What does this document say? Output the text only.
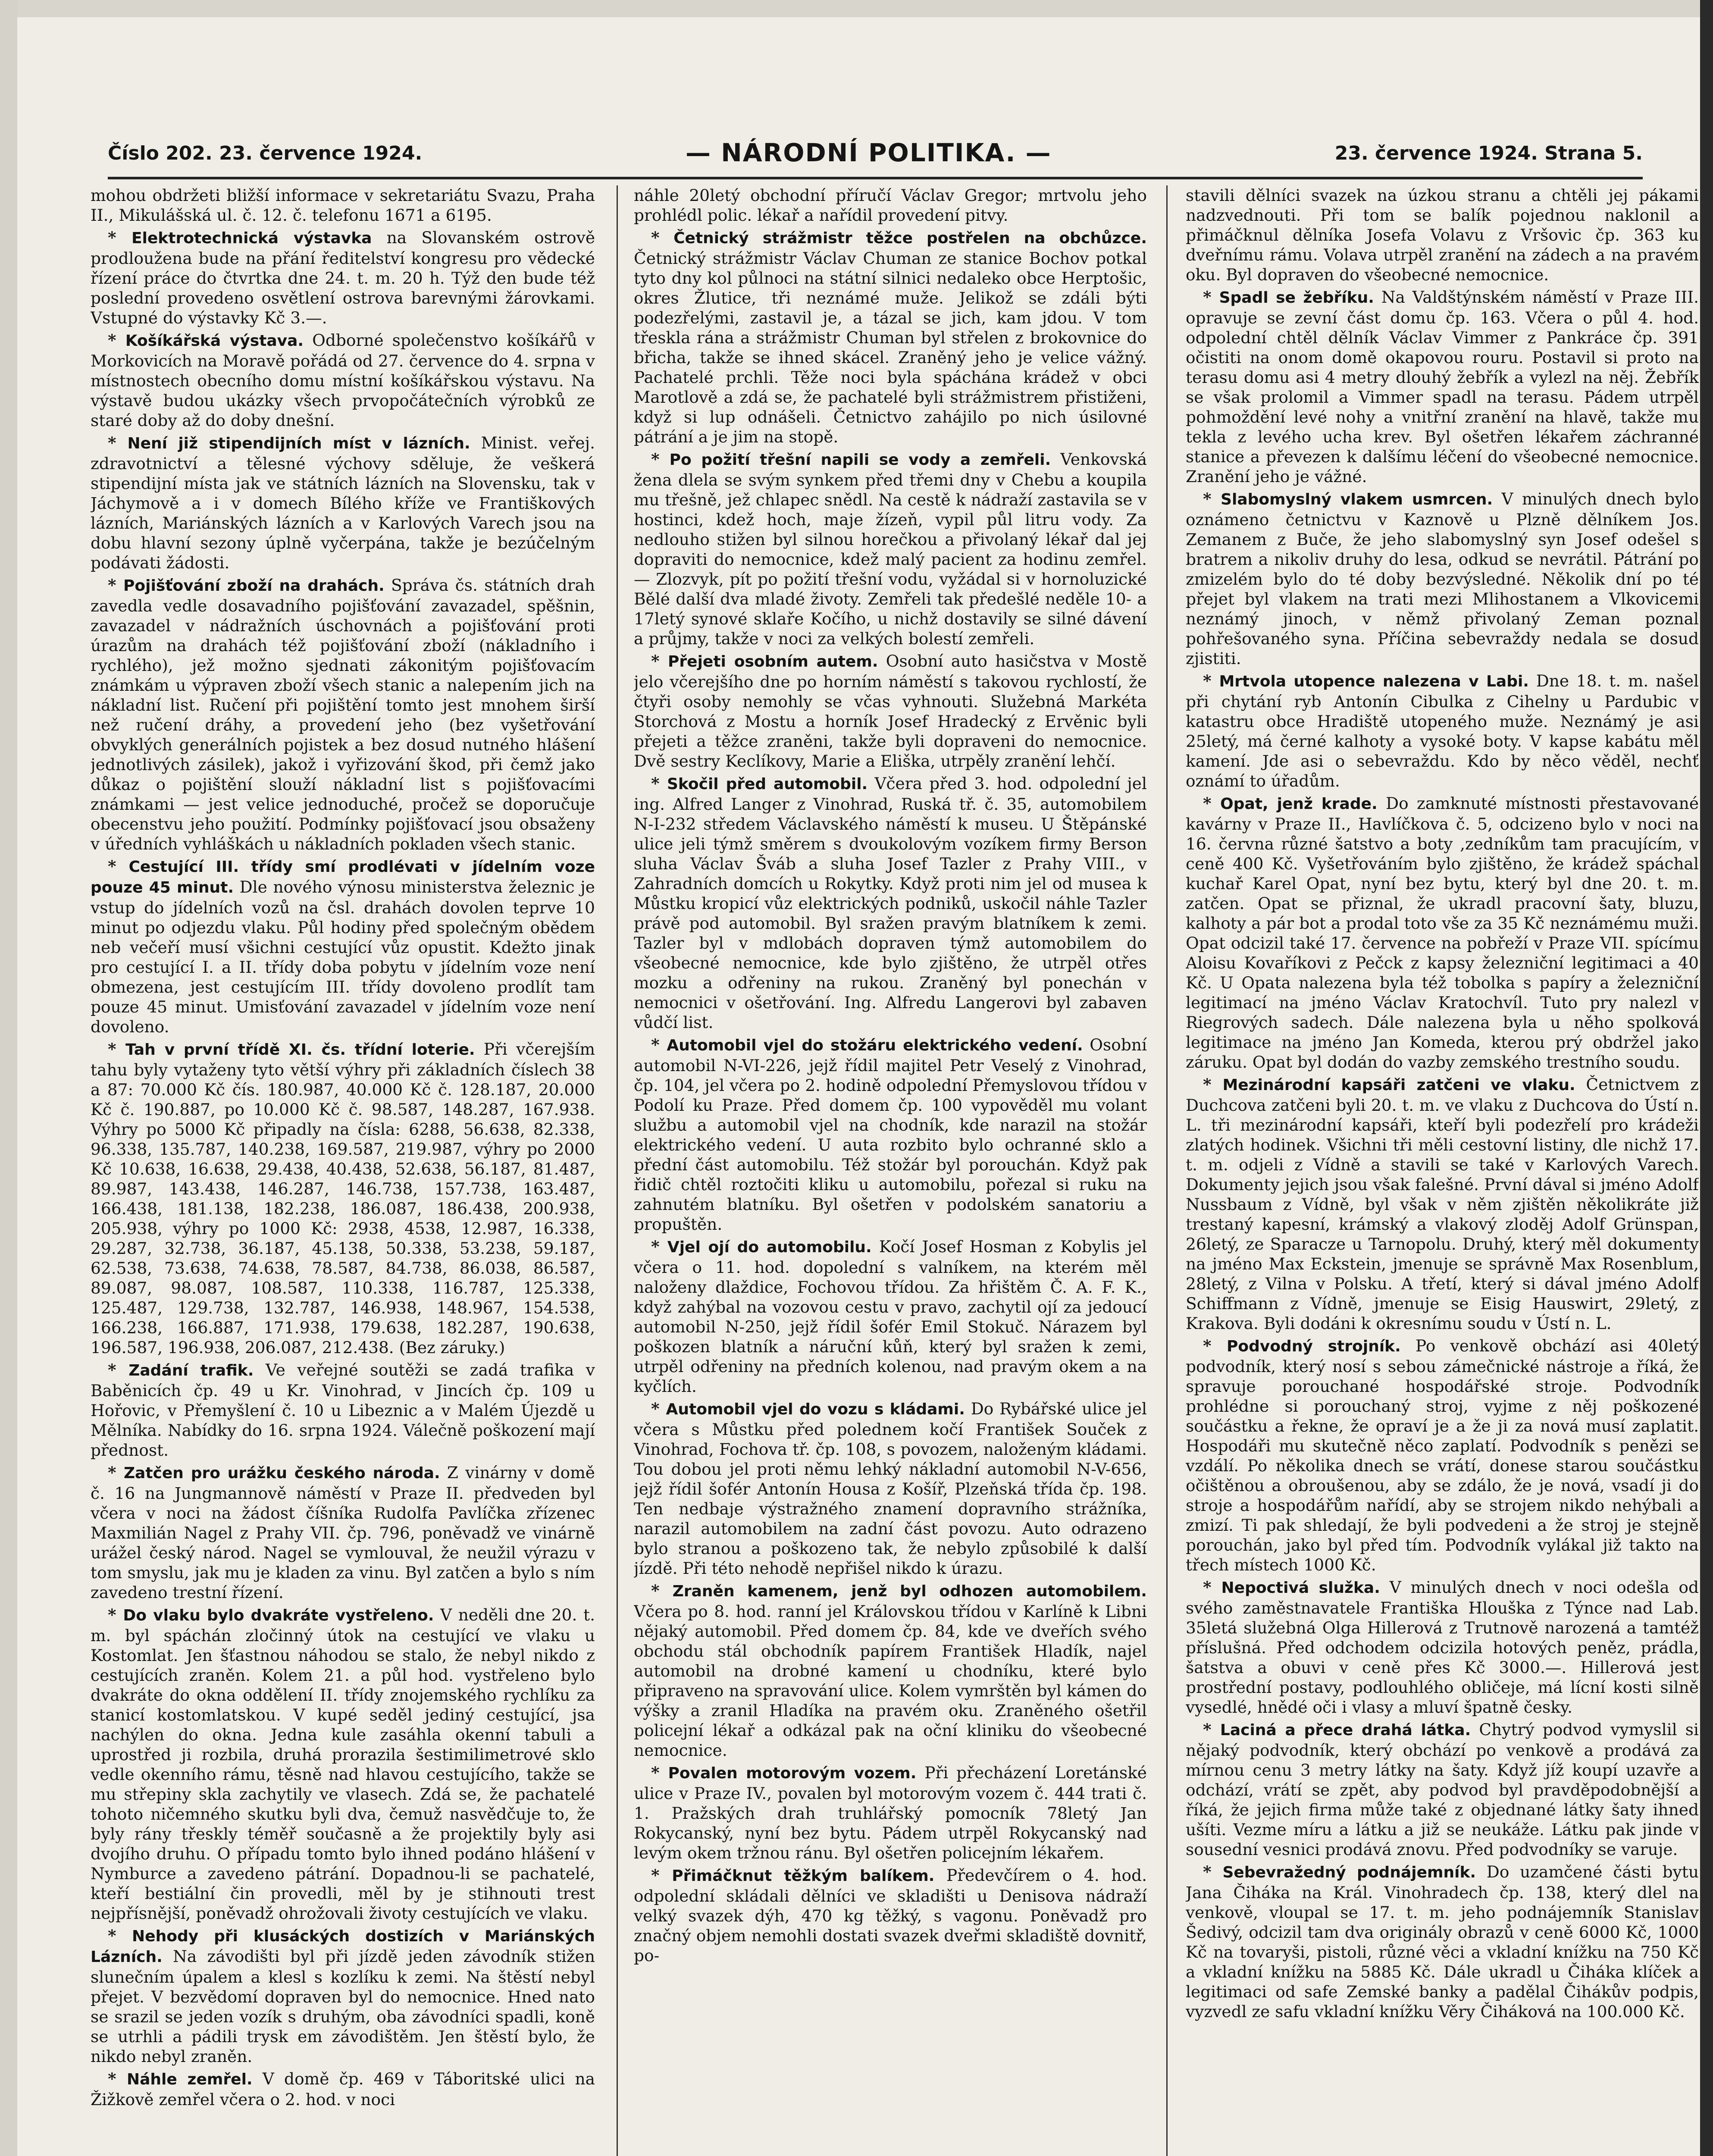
Číslo 202. 23. července 1924.	— NÁRODNÍ POLITIKA. —	23. července 1924. Strana 5.

mohou obdržeti bližší informace v sekretariátu Svazu, Praha II., Mikulášská ul. č. 12. č. telefonu 1671 a 6195.

* Elektrotechnická výstavka na Slovanském ostrově prodloužena bude na přání ředitelství kongresu pro vědecké řízení práce do čtvrtka dne 24. t. m. 20 h. Týž den bude též poslední provedeno osvětlení ostrova barevnými žárovkami. Vstupné do výstavky Kč 3.—.

* Košíkářská výstava. Odborné společenstvo košíkářů v Morkovicích na Moravě pořádá od 27. července do 4. srpna v místnostech obecního domu místní košíkářskou výstavu. Na výstavě budou ukázky všech prvopočátečních výrobků ze staré doby až do doby dnešní.

* Není již stipendijních míst v lázních. Minist. veřej. zdravotnictví a tělesné výchovy sděluje, že veškerá stipendijní místa jak ve státních lázních na Slovensku, tak v Jáchymově a i v domech Bílého kříže ve Františkových lázních, Mariánských lázních a v Karlových Varech jsou na dobu hlavní sezony úplně vyčerpána, takže je bezúčelným podávati žádosti.

* Pojišťování zboží na drahách. Správa čs. státních drah zavedla vedle dosavadního pojišťování zavazadel, spěšnin, zavazadel v nádražních úschovnách a pojišťování proti úrazům na drahách též pojišťování zboží (nákladního i rychlého), jež možno sjednati zákonitým pojišťovacím známkám u výpraven zboží všech stanic a nalepením jich na nákladní list. Ručení při pojištění tomto jest mnohem širší než ručení dráhy, a provedení jeho (bez vyšetřování obvyklých generálních pojistek a bez dosud nutného hlášení jednotlivých zásilek), jakož i vyřizování škod, při čemž jako důkaz o pojištění slouží nákladní list s pojišťovacími známkami — jest velice jednoduché, pročež se doporučuje obecenstvu jeho použití. Podmínky pojišťovací jsou obsaženy v úředních vyhláškách u nákladních pokladen všech stanic.

* Cestující III. třídy smí prodlévati v jídelním voze pouze 45 minut. Dle nového výnosu ministerstva železnic je vstup do jídelních vozů na čsl. drahách dovolen teprve 10 minut po odjezdu vlaku. Půl hodiny před společným obědem neb večeří musí všichni cestující vůz opustit. Kdežto jinak pro cestující I. a II. třídy doba pobytu v jídelním voze není obmezena, jest cestujícím III. třídy dovoleno prodlít tam pouze 45 minut. Umisťování zavazadel v jídelním voze není dovoleno.

* Tah v první třídě XI. čs. třídní loterie. Při včerejším tahu byly vytaženy tyto větší výhry při základních číslech 38 a 87: 70.000 Kč čís. 180.987, 40.000 Kč č. 128.187, 20.000 Kč č. 190.887, po 10.000 Kč č. 98.587, 148.287, 167.938. Výhry po 5000 Kč připadly na čísla: 6288, 56.638, 82.338, 96.338, 135.787, 140.238, 169.587, 219.987, výhry po 2000 Kč 10.638, 16.638, 29.438, 40.438, 52.638, 56.187, 81.487, 89.987, 143.438, 146.287, 146.738, 157.738, 163.487, 166.438, 181.138, 182.238, 186.087, 186.438, 200.938, 205.938, výhry po 1000 Kč: 2938, 4538, 12.987, 16.338, 29.287, 32.738, 36.187, 45.138, 50.338, 53.238, 59.187, 62.538, 73.638, 74.638, 78.587, 84.738, 86.038, 86.587, 89.087, 98.087, 108.587, 110.338, 116.787, 125.338, 125.487, 129.738, 132.787, 146.938, 148.967, 154.538, 166.238, 166.887, 171.938, 179.638, 182.287, 190.638, 196.587, 196.938, 206.087, 212.438. (Bez záruky.)

* Zadání trafik. Ve veřejné soutěži se zadá trafika v Baběnicích čp. 49 u Kr. Vinohrad, v Jincích čp. 109 u Hořovic, v Přemyšlení č. 10 u Libeznic a v Malém Újezdě u Mělníka. Nabídky do 16. srpna 1924. Válečně poškození mají přednost.

* Zatčen pro urážku českého národa. Z vinárny v domě č. 16 na Jungmannově náměstí v Praze II. předveden byl včera v noci na žádost číšníka Rudolfa Pavlíčka zřízenec Maxmilián Nagel z Prahy VII. čp. 796, poněvadž ve vinárně urážel český národ. Nagel se vymlouval, že neužil výrazu v tom smyslu, jak mu je kladen za vinu. Byl zatčen a bylo s ním zavedeno trestní řízení.

* Do vlaku bylo dvakráte vystřeleno. V neděli dne 20. t. m. byl spáchán zločinný útok na cestující ve vlaku u Kostomlat. Jen šťastnou náhodou se stalo, že nebyl nikdo z cestujících zraněn. Kolem 21. a půl hod. vystřeleno bylo dvakráte do okna oddělení II. třídy znojemského rychlíku za stanicí kostomlatskou. V kupé seděl jediný cestující, jsa nachýlen do okna. Jedna kule zasáhla okenní tabuli a uprostřed ji rozbila, druhá prorazila šestimilimetrové sklo vedle okenního rámu, těsně nad hlavou cestujícího, takže se mu střepiny skla zachytily ve vlasech. Zdá se, že pachatelé tohoto ničemného skutku byli dva, čemuž nasvědčuje to, že byly rány třeskly téměř současně a že projektily byly asi dvojího druhu. O případu tomto bylo ihned podáno hlášení v Nymburce a zavedeno pátrání. Dopadnou-li se pachatelé, kteří bestiální čin provedli, měl by je stihnouti trest nejpřísnější, poněvadž ohrožovali životy cestujících ve vlaku.

* Nehody při klusáckých dostizích v Mariánských Lázních. Na závodišti byl při jízdě jeden závodník stižen slunečním úpalem a klesl s kozlíku k zemi. Na štěstí nebyl přejet. V bezvědomí dopraven byl do nemocnice. Hned nato se srazil se jeden vozík s druhým, oba závodníci spadli, koně se utrhli a pádili trysk em závodištěm. Jen štěstí bylo, že nikdo nebyl zraněn.

* Náhle zemřel. V domě čp. 469 v Táboritské ulici na Žižkově zemřel včera o 2. hod. v noci

náhle 20letý obchodní příručí Václav Gregor; mrtvolu jeho prohlédl polic. lékař a nařídil provedení pitvy.

* Četnický strážmistr těžce postřelen na obchůzce. Četnický strážmistr Václav Chuman ze stanice Bochov potkal tyto dny kol půlnoci na státní silnici nedaleko obce Herptošic, okres Žlutice, tři neznámé muže. Jelikož se zdáli býti podezřelými, zastavil je, a tázal se jich, kam jdou. V tom třeskla rána a strážmistr Chuman byl střelen z brokovnice do břicha, takže se ihned skácel. Zraněný jeho je velice vážný. Pachatelé prchli. Těže noci byla spáchána krádež v obci Marotlově a zdá se, že pachatelé byli strážmistrem přistiženi, když si lup odnášeli. Četnictvo zahájilo po nich úsilovné pátrání a je jim na stopě.

* Po požití třešní napili se vody a zemřeli. Venkovská žena dlela se svým synkem před třemi dny v Chebu a koupila mu třešně, jež chlapec snědl. Na cestě k nádraží zastavila se v hostinci, kdež hoch, maje žízeň, vypil půl litru vody. Za nedlouho stižen byl silnou horečkou a přivolaný lékař dal jej dopraviti do nemocnice, kdež malý pacient za hodinu zemřel. — Zlozvyk, pít po požití třešní vodu, vyžádal si v hornoluzické Bělé další dva mladé životy. Zemřeli tak předešlé neděle 10- a 17letý synové sklaře Kočího, u nichž dostavily se silné dávení a průjmy, takže v noci za velkých bolestí zemřeli.

* Přejeti osobním autem. Osobní auto hasičstva v Mostě jelo včerejšího dne po horním náměstí s takovou rychlostí, že čtyři osoby nemohly se včas vyhnouti. Služebná Markéta Storchová z Mostu a horník Josef Hradecký z Ervěnic byli přejeti a těžce zraněni, takže byli dopraveni do nemocnice. Dvě sestry Keclíkovy, Marie a Eliška, utrpěly zranění lehčí.

* Skočil před automobil. Včera před 3. hod. odpolední jel ing. Alfred Langer z Vinohrad, Ruská tř. č. 35, automobilem N-I-232 středem Václavského náměstí k museu. U Štěpánské ulice jeli týmž směrem s dvoukolovým vozíkem firmy Berson sluha Václav Šváb a sluha Josef Tazler z Prahy VIII., v Zahradních domcích u Rokytky. Když proti nim jel od musea k Můstku kropicí vůz elektrických podniků, uskočil náhle Tazler právě pod automobil. Byl sražen pravým blatníkem k zemi. Tazler byl v mdlobách dopraven týmž automobilem do všeobecné nemocnice, kde bylo zjištěno, že utrpěl otřes mozku a odřeniny na rukou. Zraněný byl ponechán v nemocnici v ošetřování. Ing. Alfredu Langerovi byl zabaven vůdčí list.

* Automobil vjel do stožáru elektrického vedení. Osobní automobil N-VI-226, jejž řídil majitel Petr Veselý z Vinohrad, čp. 104, jel včera po 2. hodině odpolední Přemyslovou třídou v Podolí ku Praze. Před domem čp. 100 vypověděl mu volant službu a automobil vjel na chodník, kde narazil na stožár elektrického vedení. U auta rozbito bylo ochranné sklo a přední část automobilu. Též stožár byl porouchán. Když pak řidič chtěl roztočiti kliku u automobilu, pořezal si ruku na zahnutém blatníku. Byl ošetřen v podolském sanatoriu a propuštěn.

* Vjel ojí do automobilu. Kočí Josef Hosman z Kobylis jel včera o 11. hod. dopolední s valníkem, na kterém měl naloženy dlaždice, Fochovou třídou. Za hřištěm Č. A. F. K., když zahýbal na vozovou cestu v pravo, zachytil ojí za jedoucí automobil N-250, jejž řídil šofér Emil Stokuč. Nárazem byl poškozen blatník a náruční kůň, který byl sražen k zemi, utrpěl odřeniny na předních kolenou, nad pravým okem a na kyčlích.

* Automobil vjel do vozu s kládami. Do Rybářské ulice jel včera s Můstku před polednem kočí František Souček z Vinohrad, Fochova tř. čp. 108, s povozem, naloženým kládami. Tou dobou jel proti němu lehký nákladní automobil N-V-656, jejž řídil šofér Antonín Housa z Košíř, Plzeňská třída čp. 198. Ten nedbaje výstražného znamení dopravního strážníka, narazil automobilem na zadní část povozu. Auto odrazeno bylo stranou a poškozeno tak, že nebylo způsobilé k další jízdě. Při této nehodě nepřišel nikdo k úrazu.

* Zraněn kamenem, jenž byl odhozen automobilem. Včera po 8. hod. ranní jel Královskou třídou v Karlíně k Libni nějaký automobil. Před domem čp. 84, kde ve dveřích svého obchodu stál obchodník papírem František Hladík, najel automobil na drobné kamení u chodníku, které bylo připraveno na spravování ulice. Kolem vymrštěn byl kámen do výšky a zranil Hladíka na pravém oku. Zraněného ošetřil policejní lékař a odkázal pak na oční kliniku do všeobecné nemocnice.

* Povalen motorovým vozem. Při přecházení Loretánské ulice v Praze IV., povalen byl motorovým vozem č. 444 trati č. 1. Pražských drah truhlářský pomocník 78letý Jan Rokycanský, nyní bez bytu. Pádem utrpěl Rokycanský nad levým okem tržnou ránu. Byl ošetřen policejním lékařem.

* Přimáčknut těžkým balíkem. Předevčírem o 4. hod. odpolední skládali dělníci ve skladišti u Denisova nádraží velký svazek dýh, 470 kg těžký, s vagonu. Poněvadž pro značný objem nemohli dostati svazek dveřmi skladiště dovnitř, po-

stavili dělníci svazek na úzkou stranu a chtěli jej pákami nadzvednouti. Při tom se balík pojednou naklonil a přimáčknul dělníka Josefa Volavu z Vršovic čp. 363 ku dveřnímu rámu. Volava utrpěl zranění na zádech a na pravém oku. Byl dopraven do všeobecné nemocnice.

* Spadl se žebříku. Na Valdštýnském náměstí v Praze III. opravuje se zevní část domu čp. 163. Včera o půl 4. hod. odpolední chtěl dělník Václav Vimmer z Pankráce čp. 391 očistiti na onom domě okapovou rouru. Postavil si proto na terasu domu asi 4 metry dlouhý žebřík a vylezl na něj. Žebřík se však prolomil a Vimmer spadl na terasu. Pádem utrpěl pohmoždění levé nohy a vnitřní zranění na hlavě, takže mu tekla z levého ucha krev. Byl ošetřen lékařem záchranné stanice a převezen k dalšímu léčení do všeobecné nemocnice. Zranění jeho je vážné.

* Slabomyslný vlakem usmrcen. V minulých dnech bylo oznámeno četnictvu v Kaznově u Plzně dělníkem Jos. Zemanem z Buče, že jeho slabomyslný syn Josef odešel s bratrem a nikoliv druhy do lesa, odkud se nevrátil. Pátrání po zmizelém bylo do té doby bezvýsledné. Několik dní po té přejet byl vlakem na trati mezi Mlihostanem a Vlkovicemi neznámý jinoch, v němž přivolaný Zeman poznal pohřešovaného syna. Příčina sebevraždy nedala se dosud zjistiti.

* Mrtvola utopence nalezena v Labi. Dne 18. t. m. našel při chytání ryb Antonín Cibulka z Cihelny u Pardubic v katastru obce Hradiště utopeného muže. Neznámý je asi 25letý, má černé kalhoty a vysoké boty. V kapse kabátu měl kamení. Jde asi o sebevraždu. Kdo by něco věděl, nechť oznámí to úřadům.

* Opat, jenž krade. Do zamknuté místnosti přestavované kavárny v Praze II., Havlíčkova č. 5, odcizeno bylo v noci na 16. června různé šatstvo a boty ,zedníkům tam pracujícím, v ceně 400 Kč. Vyšetřováním bylo zjištěno, že krádež spáchal kuchař Karel Opat, nyní bez bytu, který byl dne 20. t. m. zatčen. Opat se přiznal, že ukradl pracovní šaty, bluzu, kalhoty a pár bot a prodal toto vše za 35 Kč neznámému muži. Opat odcizil také 17. července na pobřeží v Praze VII. spícímu Aloisu Kovaříkovi z Pečck z kapsy železniční legitimaci a 40 Kč. U Opata nalezena byla též tobolka s papíry a železniční legitimací na jméno Václav Kratochvíl. Tuto pry nalezl v Riegrových sadech. Dále nalezena byla u něho spolková legitimace na jméno Jan Komeda, kterou prý obdržel jako záruku. Opat byl dodán do vazby zemského trestního soudu.

* Mezinárodní kapsáři zatčeni ve vlaku. Četnictvem z Duchcova zatčeni byli 20. t. m. ve vlaku z Duchcova do Ústí n. L. tři mezinárodní kapsáři, kteří byli podezřelí pro krádeži zlatých hodinek. Všichni tři měli cestovní listiny, dle nichž 17. t. m. odjeli z Vídně a stavili se také v Karlových Varech. Dokumenty jejich jsou však falešné. První dával si jméno Adolf Nussbaum z Vídně, byl však v něm zjištěn několikráte již trestaný kapesní, krámský a vlakový zloděj Adolf Grünspan, 26letý, ze Sparacze u Tarnopolu. Druhý, který měl dokumenty na jméno Max Eckstein, jmenuje se správně Max Rosenblum, 28letý, z Vilna v Polsku. A třetí, který si dával jméno Adolf Schiffmann z Vídně, jmenuje se Eisig Hauswirt, 29letý, z Krakova. Byli dodáni k okresnímu soudu v Ústí n. L.

* Podvodný strojník. Po venkově obchází asi 40letý podvodník, který nosí s sebou zámečnické nástroje a říká, že spravuje porouchané hospodářské stroje. Podvodník prohlédne si porouchaný stroj, vyjme z něj poškozené součástku a řekne, že opraví je a že ji za nová musí zaplatit. Hospodáři mu skutečně něco zaplatí. Podvodník s penězi se vzdálí. Po několika dnech se vrátí, donese starou součástku očištěnou a obroušenou, aby se zdálo, že je nová, vsadí ji do stroje a hospodářům nařídí, aby se strojem nikdo nehýbali a zmizí. Ti pak shledají, že byli podvedeni a že stroj je stejně porouchán, jako byl před tím. Podvodník vylákal již takto na třech místech 1000 Kč.

* Nepoctivá služka. V minulých dnech v noci odešla od svého zaměstnavatele Františka Hlouška z Týnce nad Lab. 35letá služebná Olga Hillerová z Trutnově narozená a tamtéž příslušná. Před odchodem odcizila hotových peněz, prádla, šatstva a obuvi v ceně přes Kč 3000.—. Hillerová jest prostřední postavy, podlouhlého obličeje, má lícní kosti silně vysedlé, hnědé oči i vlasy a mluví špatně česky.

* Laciná a přece drahá látka. Chytrý podvod vymyslil si nějaký podvodník, který obchází po venkově a prodává za mírnou cenu 3 metry látky na šaty. Když jíž koupí uzavře a odchází, vrátí se zpět, aby podvod byl pravděpodobnější a říká, že jejich firma může také z objednané látky šaty ihned ušíti. Vezme míru a látku a již se neukáže. Látku pak jinde v sousední vesnici prodává znovu. Před podvodníky se varuje.

* Sebevražedný podnájemník. Do uzamčené části bytu Jana Čiháka na Král. Vinohradech čp. 138, který dlel na venkově, vloupal se 17. t. m. jeho podnájemník Stanislav Šedivý, odcizil tam dva originály obrazů v ceně 6000 Kč, 1000 Kč na tovaryši, pistoli, různé věci a vkladní knížku na 750 Kč a vkladní knížku na 5885 Kč. Dále ukradl u Čiháka klíček a legitimaci od safe Zemské banky a padělal Čihákův podpis, vyzvedl ze safu vkladní knížku Věry Čiháková na 100.000 Kč.
